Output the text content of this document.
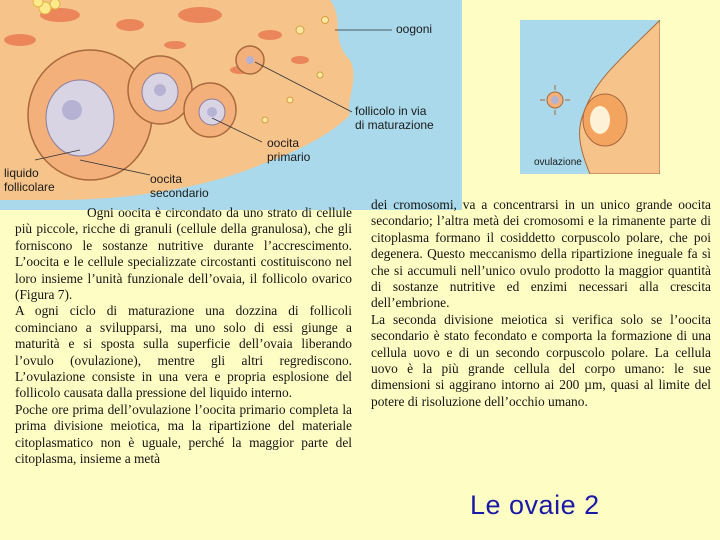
oogoni
follicolo in via
di maturazione
oocita
primario
liquido
follicolare
oocita
secondario
ovulazione

Ogni oocita è circondato da uno strato di cellule più piccole, ricche di granuli (cellule della granulosa), che gli forniscono le sostanze nutritive durante l’accrescimento. L’oocita e le cellule specializzate circostanti costituiscono nel loro insieme l’unità funzionale dell’ovaia, il follicolo ovarico (Figura 7).

A ogni ciclo di maturazione una dozzina di follicoli cominciano a svilupparsi, ma uno solo di essi giunge a maturità e si sposta sulla superficie dell’ovaia liberando l’ovulo (ovulazione), mentre gli altri regrediscono. L’ovulazione consiste in una vera e propria esplosione del follicolo causata dalla pressione del liquido interno.

Poche ore prima dell’ovulazione l’oocita primario completa la prima divisione meiotica, ma la ripartizione del materiale citoplasmatico non è uguale, perché la maggior parte del citoplasma, insieme a metà

dei cromosomi, va a concentrarsi in un unico grande oocita secondario; l’altra metà dei cromosomi e la rimanente parte di citoplasma formano il cosiddetto corpuscolo polare, che poi degenera. Questo meccanismo della ripartizione ineguale fa sì che si accumuli nell’unico ovulo prodotto la maggior quantità di sostanze nutritive ed enzimi necessari alla crescita dell’embrione.

La seconda divisione meiotica si verifica solo se l’oocita secondario è stato fecondato e comporta la formazione di una cellula uovo e di un secondo corpuscolo polare. La cellula uovo è la più grande cellula del corpo umano: le sue dimensioni si aggirano intorno ai 200 µm, quasi al limite del potere di risoluzione dell’occhio umano.

Le ovaie 2
